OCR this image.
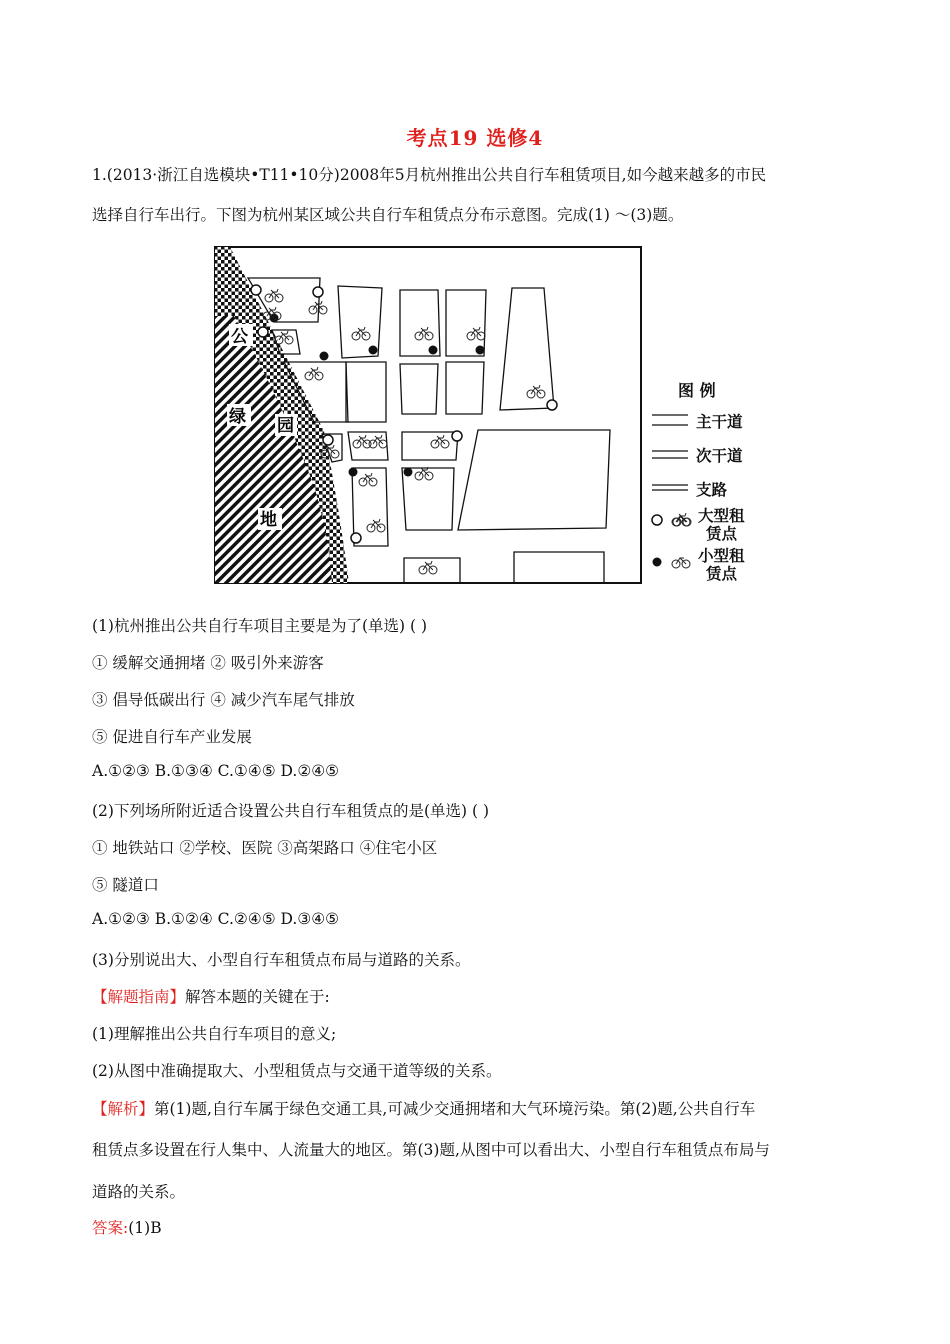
考点19 选修4
1.(2013·浙江自选模块•T11•10分)2008年5月杭州推出公共自行车租赁项目,如今越来越多的市民
选择自行车出行。下图为杭州某区域公共自行车租赁点分布示意图。完成(1) ～(3)题。
公
绿 园
地
图 例
主干道
次干道
支路
大型租
赁点
小型租
赁点
(1)杭州推出公共自行车项目主要是为了(单选) ( )
① 缓解交通拥堵 ② 吸引外来游客
③ 倡导低碳出行 ④ 减少汽车尾气排放
⑤ 促进自行车产业发展
A.①②③ B.①③④ C.①④⑤ D.②④⑤
(2)下列场所附近适合设置公共自行车租赁点的是(单选) ( )
① 地铁站口 ②学校、医院 ③高架路口 ④住宅小区
⑤ 隧道口
A.①②③ B.①②④ C.②④⑤ D.③④⑤
(3)分别说出大、小型自行车租赁点布局与道路的关系。
【解题指南】解答本题的关键在于:
(1)理解推出公共自行车项目的意义;
(2)从图中准确提取大、小型租赁点与交通干道等级的关系。
【解析】第(1)题,自行车属于绿色交通工具,可减少交通拥堵和大气环境污染。第(2)题,公共自行车
租赁点多设置在行人集中、人流量大的地区。第(3)题,从图中可以看出大、小型自行车租赁点布局与
道路的关系。
答案:(1)B
